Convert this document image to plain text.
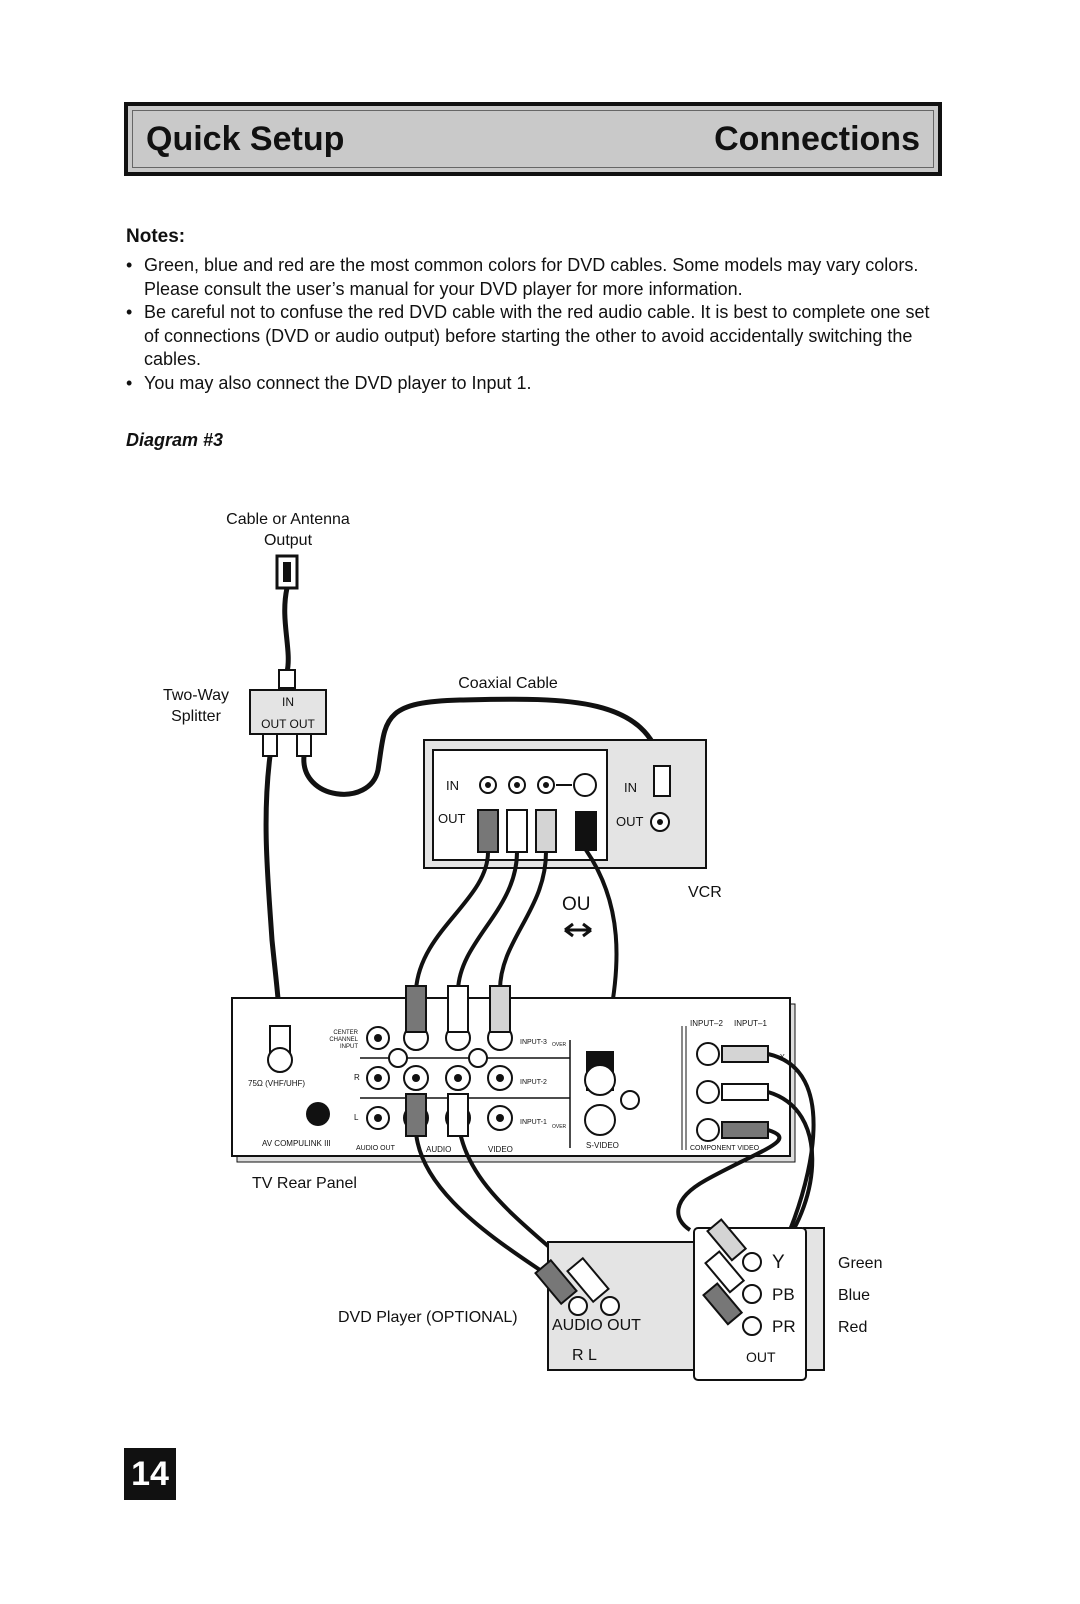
Quick Setup	Connections
Notes:
• Green, blue and red are the most common colors for DVD cables. Some models may vary colors. Please consult the user’s manual for your DVD player for more information.
• Be careful not to confuse the red DVD cable with the red audio cable. It is best to complete one set of connections (DVD or audio output) before starting the other to avoid accidentally switching the cables.
• You may also connect the DVD player to Input 1.
Diagram #3
Cable or Antenna
Output
Two-Way
Splitter
IN
OUT OUT
Coaxial Cable
IN
OUT
IN
OUT
VCR
OU
TV Rear Panel
75Ω (VHF/UHF)
AV COMPULINK III
CENTER
CHANNEL
INPUT
R
L
AUDIO OUT
INPUT-3 OVER
INPUT-2
INPUT-1
OVER
AUDIO	VIDEO	S-VIDEO
INPUT–2 INPUT–1
Y
COMPONENT VIDEO
DVD Player (OPTIONAL) AUDIO OUT
R L
Y
PB
PR
OUT
Green
Blue
Red
14
